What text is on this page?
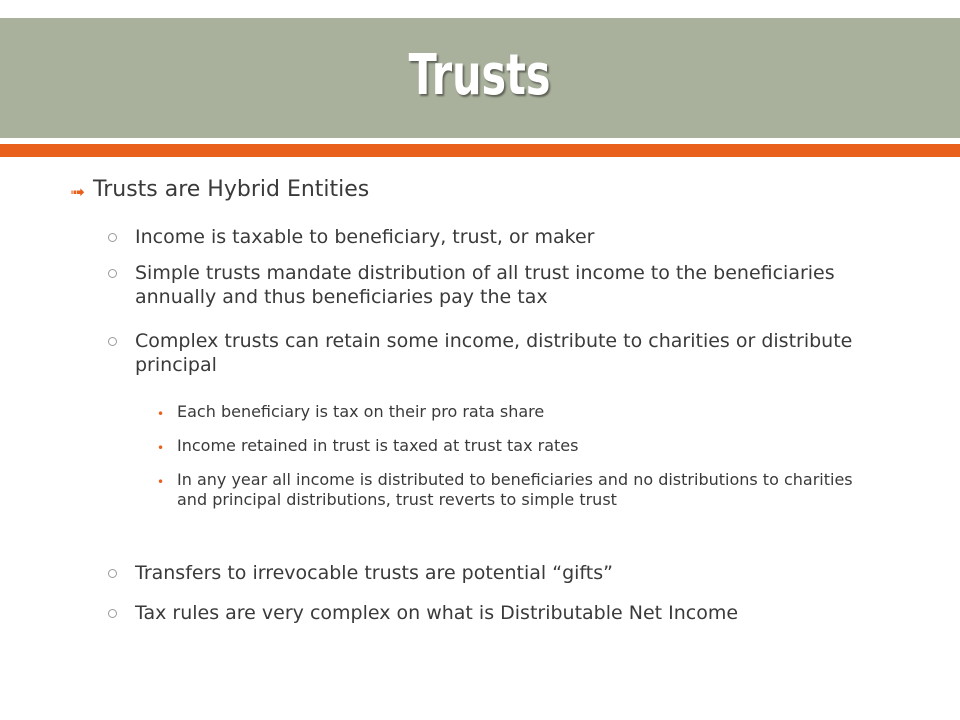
Trusts
➟ Trusts are Hybrid Entities
Income is taxable to beneficiary, trust, or maker
Simple trusts mandate distribution of all trust income to the beneficiaries annually and thus beneficiaries pay the tax
Complex trusts can retain some income, distribute to charities or distribute principal
• Each beneficiary is tax on their pro rata share
• Income retained in trust is taxed at trust tax rates
• In any year all income is distributed to beneficiaries and no distributions to charities and principal distributions, trust reverts to simple trust
Transfers to irrevocable trusts are potential “gifts”
Tax rules are very complex on what is Distributable Net Income
